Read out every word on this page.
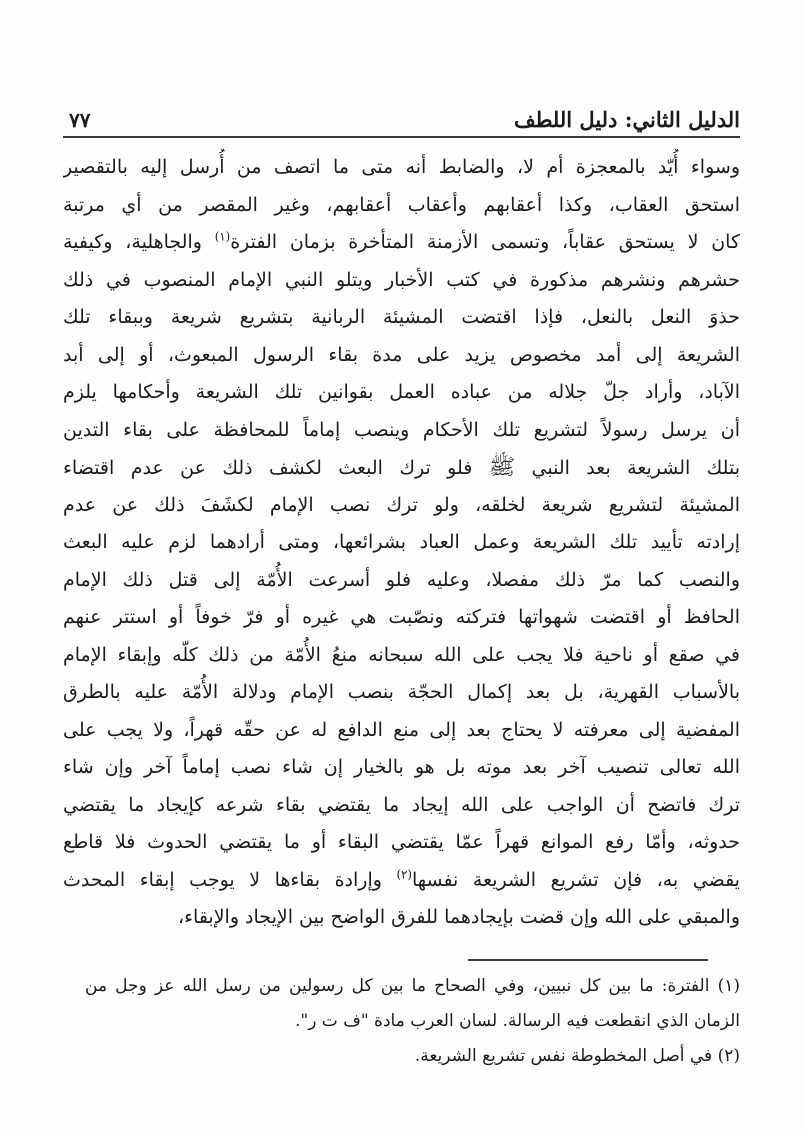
الدليل الثاني: دليل اللطف
٧٧
وسواء أُيّد بالمعجزة أم لا، والضابط أنه متى ما اتصف من أُرسل إليه بالتقصير
استحق العقاب، وكذا أعقابهم وأعقاب أعقابهم، وغير المقصر من أي مرتبة
كان لا يستحق عقاباً، وتسمى الأزمنة المتأخرة بزمان الفترة$^{(١)}$ والجاهلية، وكيفية
حشرهم ونشرهم مذكورة في كتب الأخبار ويتلو النبي الإمام المنصوب في ذلك
حذوَ النعل بالنعل، فإذا اقتضت المشيئة الربانية بتشريع شريعة وببقاء تلك
الشريعة إلى أمد مخصوص يزيد على مدة بقاء الرسول المبعوث، أو إلى أبد
الآباد، وأراد جلّ جلاله من عباده العمل بقوانين تلك الشريعة وأحكامها يلزم
أن يرسل رسولاً لتشريع تلك الأحكام وينصب إماماً للمحافظة على بقاء التدين
بتلك الشريعة بعد النبي ﷺ فلو ترك البعث لكشف ذلك عن عدم اقتضاء
المشيئة لتشريع شريعة لخلقه، ولو ترك نصب الإمام لكشَفَ ذلك عن عدم
إرادته تأييد تلك الشريعة وعمل العباد بشرائعها، ومتى أرادهما لزم عليه البعث
والنصب كما مرّ ذلك مفصلا، وعليه فلو أسرعت الأُمّة إلى قتل ذلك الإمام
الحافظ أو اقتضت شهواتها فتركته ونصّبت هي غيره أو فرّ خوفاً أو استتر عنهم
في صقع أو ناحية فلا يجب على الله سبحانه منعُ الأُمّة من ذلك كلّه وإبقاء الإمام
بالأسباب القهرية، بل بعد إكمال الحجّة بنصب الإمام ودلالة الأُمّة عليه بالطرق
المفضية إلى معرفته لا يحتاج بعد إلى منع الدافع له عن حقّه قهراً، ولا يجب على
الله تعالى تنصيب آخر بعد موته بل هو بالخيار إن شاء نصب إماماً آخر وإن شاء
ترك فاتضح أن الواجب على الله إيجاد ما يقتضي بقاء شرعه كإيجاد ما يقتضي
حدوثه، وأمّا رفع الموانع قهراً عمّا يقتضي البقاء أو ما يقتضي الحدوث فلا قاطع
يقضي به، فإن تشريع الشريعة نفسها$^{(٢)}$ وإرادة بقاءها لا يوجب إبقاء المحدث
والمبقي على الله وإن قضت بإيجادهما للفرق الواضح بين الإيجاد والإبقاء،
(١) الفترة: ما بين كل نبيين، وفي الصحاح ما بين كل رسولين من رسل الله عز وجل من
الزمان الذي انقطعت فيه الرسالة. لسان العرب مادة "ف ت ر".
(٢) في أصل المخطوطة نفس تشريع الشريعة.
